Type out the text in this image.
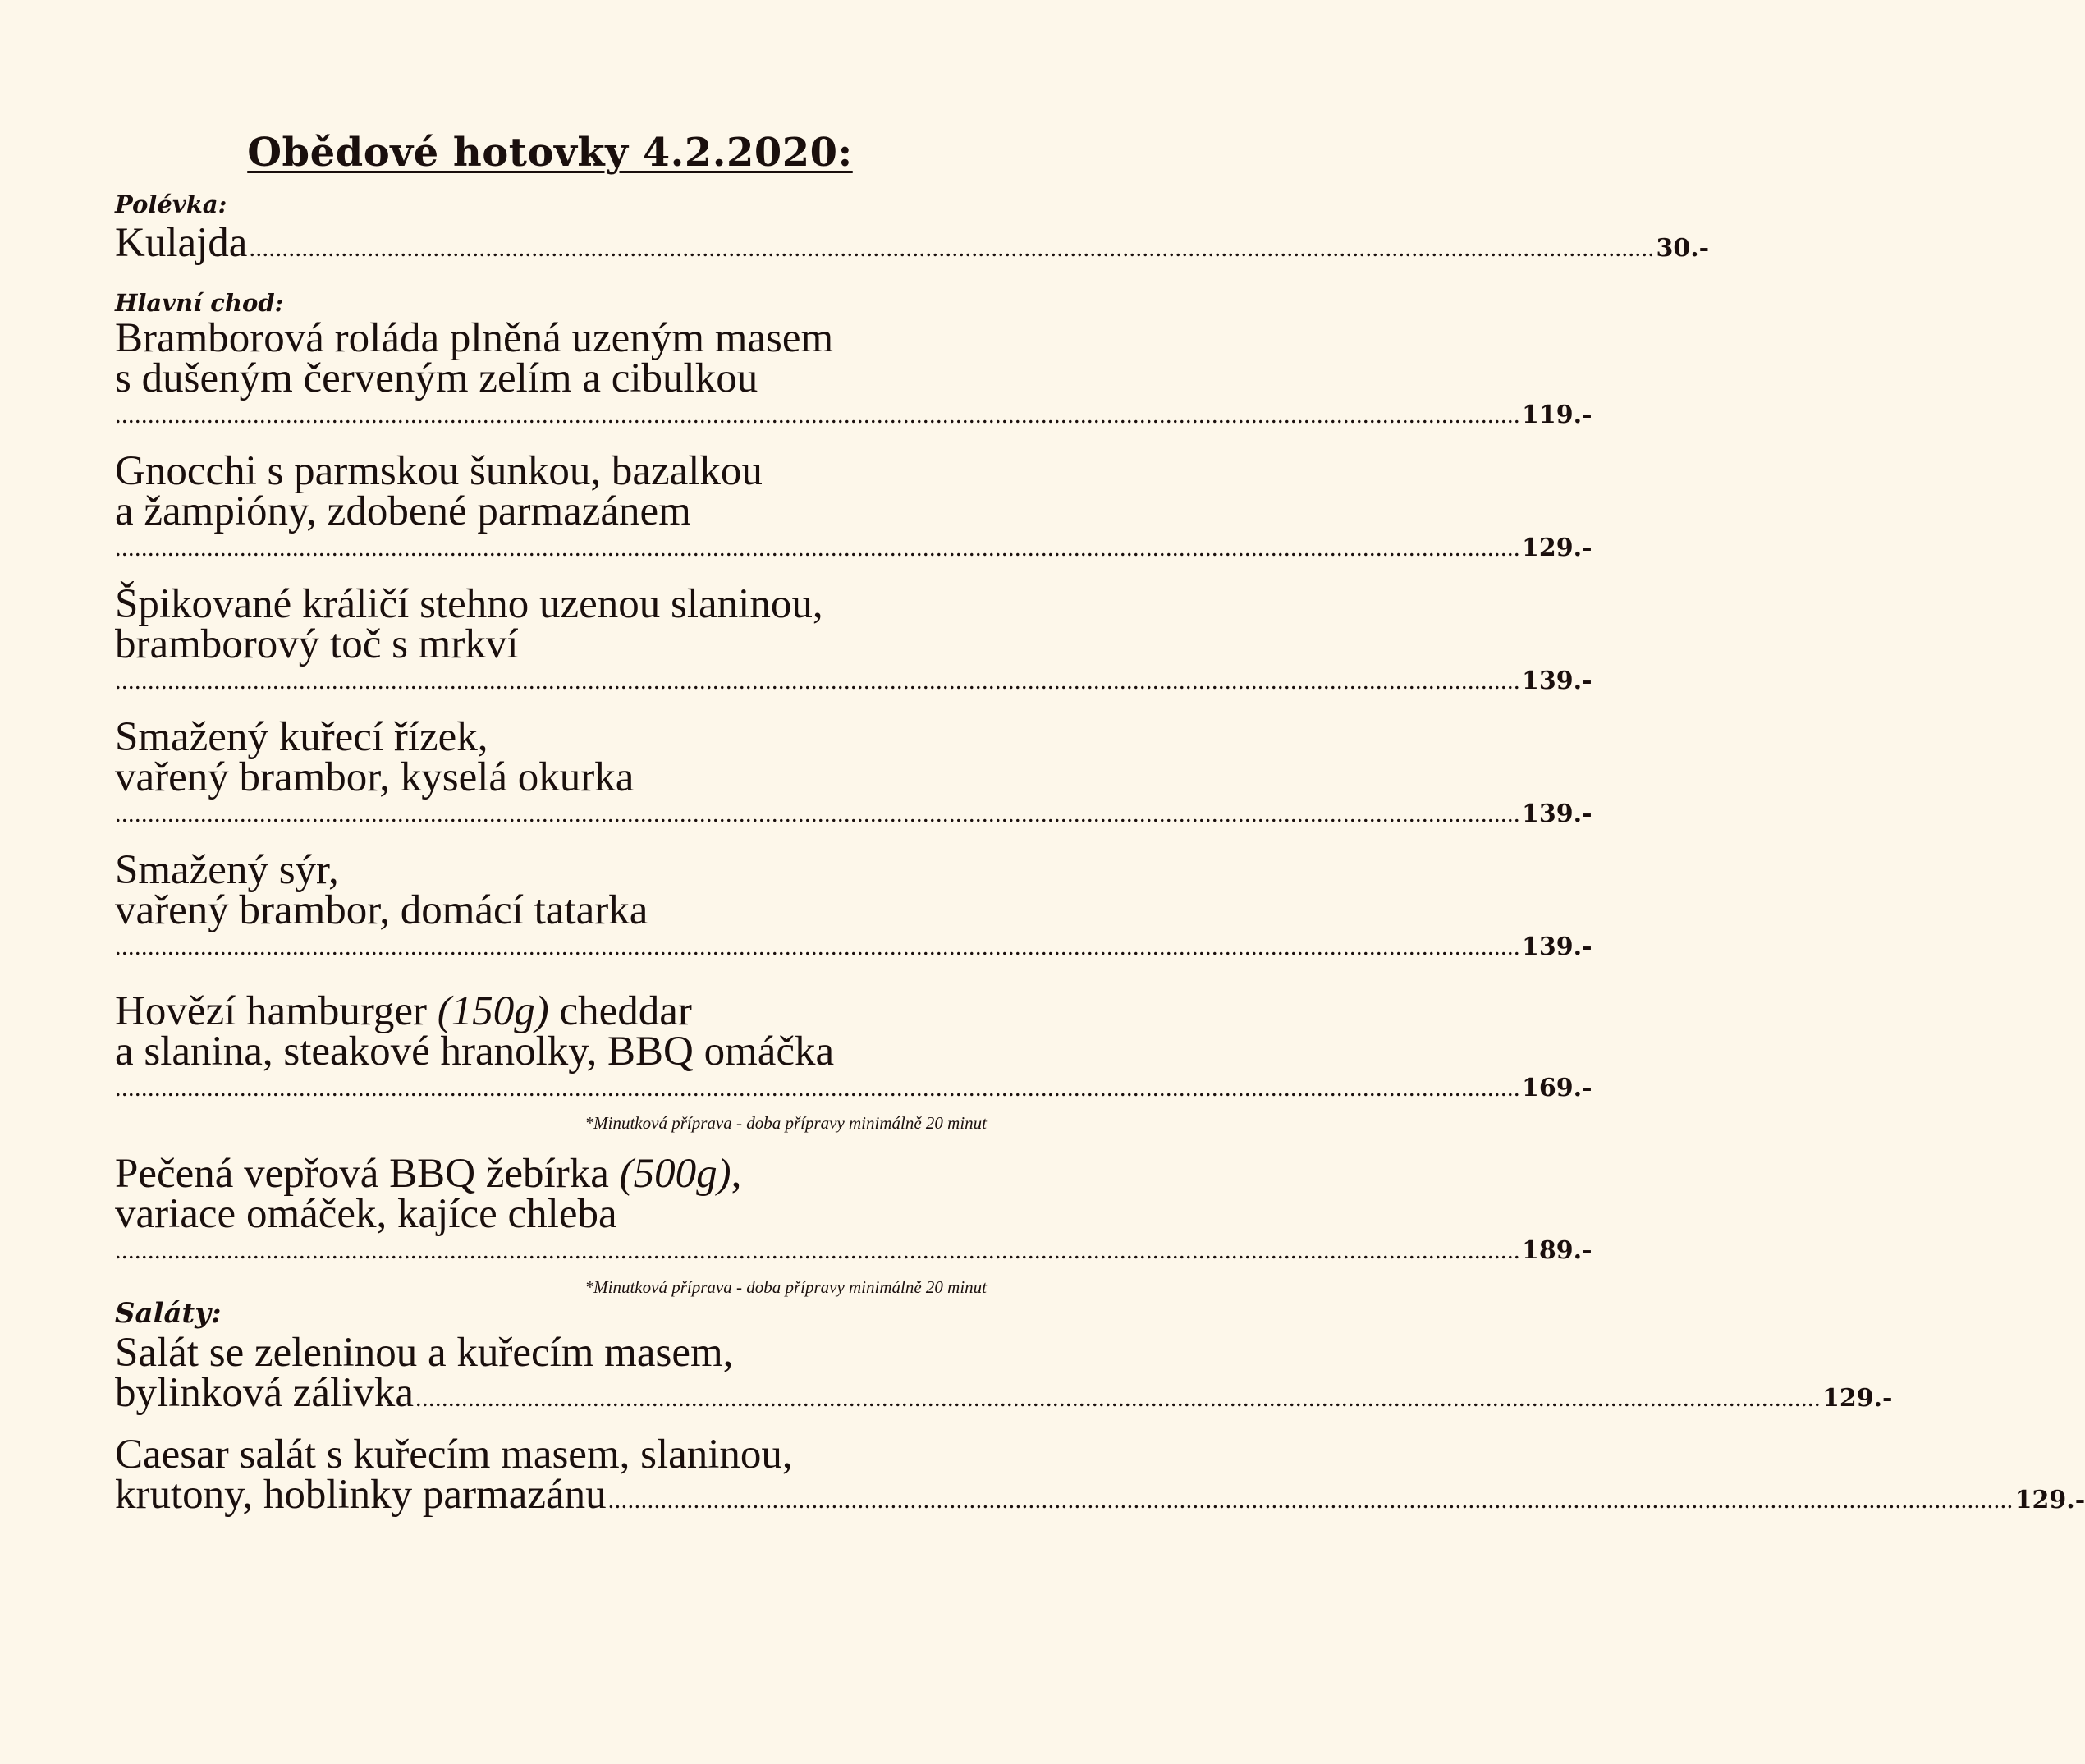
Obědové hotovky 4.2.2020:
Polévka:
Kulajda ...................................................................................................................................................................................................................... 30.-
Hlavní chod:
Bramborová roláda plněná uzeným masem
s dušeným červeným zelím a cibulkou
...................................................................................................................................................................................................................... 119.-
Gnocchi s parmskou šunkou, bazalkou
a žampióny, zdobené parmazánem
...................................................................................................................................................................................................................... 129.-
Špikované králičí stehno uzenou slaninou,
bramborový toč s mrkví
...................................................................................................................................................................................................................... 139.-
Smažený kuřecí řízek,
vařený brambor, kyselá okurka
...................................................................................................................................................................................................................... 139.-
Smažený sýr,
vařený brambor, domácí tatarka
...................................................................................................................................................................................................................... 139.-
Hovězí hamburger (150g) cheddar
a slanina, steakové hranolky, BBQ omáčka
...................................................................................................................................................................................................................... 169.-
*Minutková příprava - doba přípravy minimálně 20 minut
Pečená vepřová BBQ žebírka (500g),
variace omáček, kajíce chleba
...................................................................................................................................................................................................................... 189.-
*Minutková příprava - doba přípravy minimálně 20 minut
Saláty:
Salát se zeleninou a kuřecím masem,
bylinková zálivka ...................................................................................................................................................................................................................... 129.-
Caesar salát s kuřecím masem, slaninou,
krutony, hoblinky parmazánu ...................................................................................................................................................................................................................... 129.-
